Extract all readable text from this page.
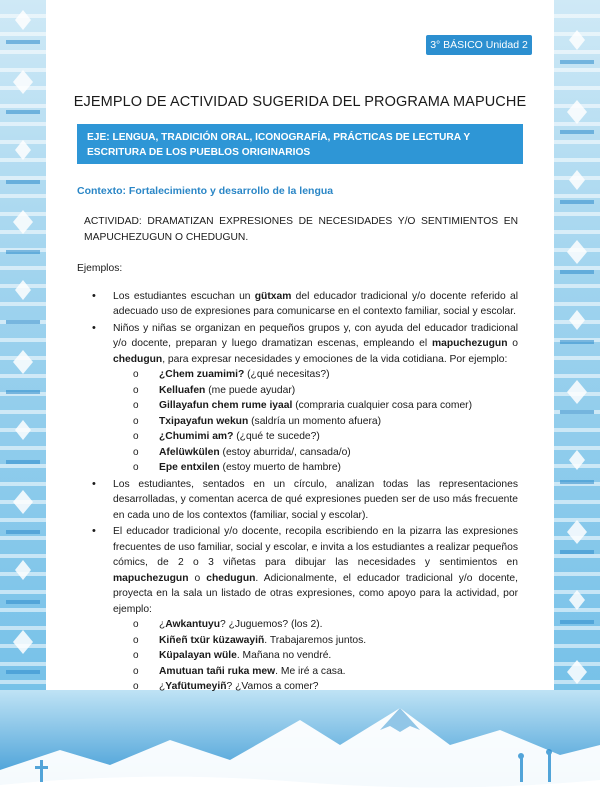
3° BÁSICO Unidad 2
EJEMPLO DE ACTIVIDAD SUGERIDA DEL PROGRAMA MAPUCHE
EJE: LENGUA, TRADICIÓN ORAL, ICONOGRAFÍA, PRÁCTICAS DE LECTURA Y ESCRITURA DE LOS PUEBLOS ORIGINARIOS
Contexto: Fortalecimiento y desarrollo de la lengua

ACTIVIDAD: DRAMATIZAN EXPRESIONES DE NECESIDADES Y/O SENTIMIENTOS EN MAPUCHEZUGUN O CHEDUGUN.

Ejemplos:

• Los estudiantes escuchan un gütxam del educador tradicional y/o docente referido al adecuado uso de expresiones para comunicarse en el contexto familiar, social y escolar.
• Niños y niñas se organizan en pequeños grupos y, con ayuda del educador tradicional y/o docente, preparan y luego dramatizan escenas, empleando el mapuchezugun o chedugun, para expresar necesidades y emociones de la vida cotidiana. Por ejemplo:
o ¿Chem zuamimi? (¿qué necesitas?)
o Kelluafen (me puede ayudar)
o Gillayafun chem rume iyaal (compraria cualquier cosa para comer)
o Txipayafun wekun (saldría un momento afuera)
o ¿Chumimi am? (¿qué te sucede?)
o Afelüwkülen (estoy aburrida/, cansada/o)
o Epe entxilen (estoy muerto de hambre)
• Los estudiantes, sentados en un círculo, analizan todas las representaciones desarrolladas, y comentan acerca de qué expresiones pueden ser de uso más frecuente en cada uno de los contextos (familiar, social y escolar).
• El educador tradicional y/o docente, recopila escribiendo en la pizarra las expresiones frecuentes de uso familiar, social y escolar, e invita a los estudiantes a realizar pequeños cómics, de 2 o 3 viñetas para dibujar las necesidades y sentimientos en mapuchezugun o chedugun. Adicionalmente, el educador tradicional y/o docente, proyecta en la sala un listado de otras expresiones, como apoyo para la actividad, por ejemplo:
o ¿Awkantuyu? ¿Juguemos? (los 2).
o Kiñeñ txür küzawayiñ. Trabajaremos juntos.
o Küpalayan wüle. Mañana no vendré.
o Amutuan tañi ruka mew. Me iré a casa.
o ¿Yafütumeyiñ? ¿Vamos a comer?
